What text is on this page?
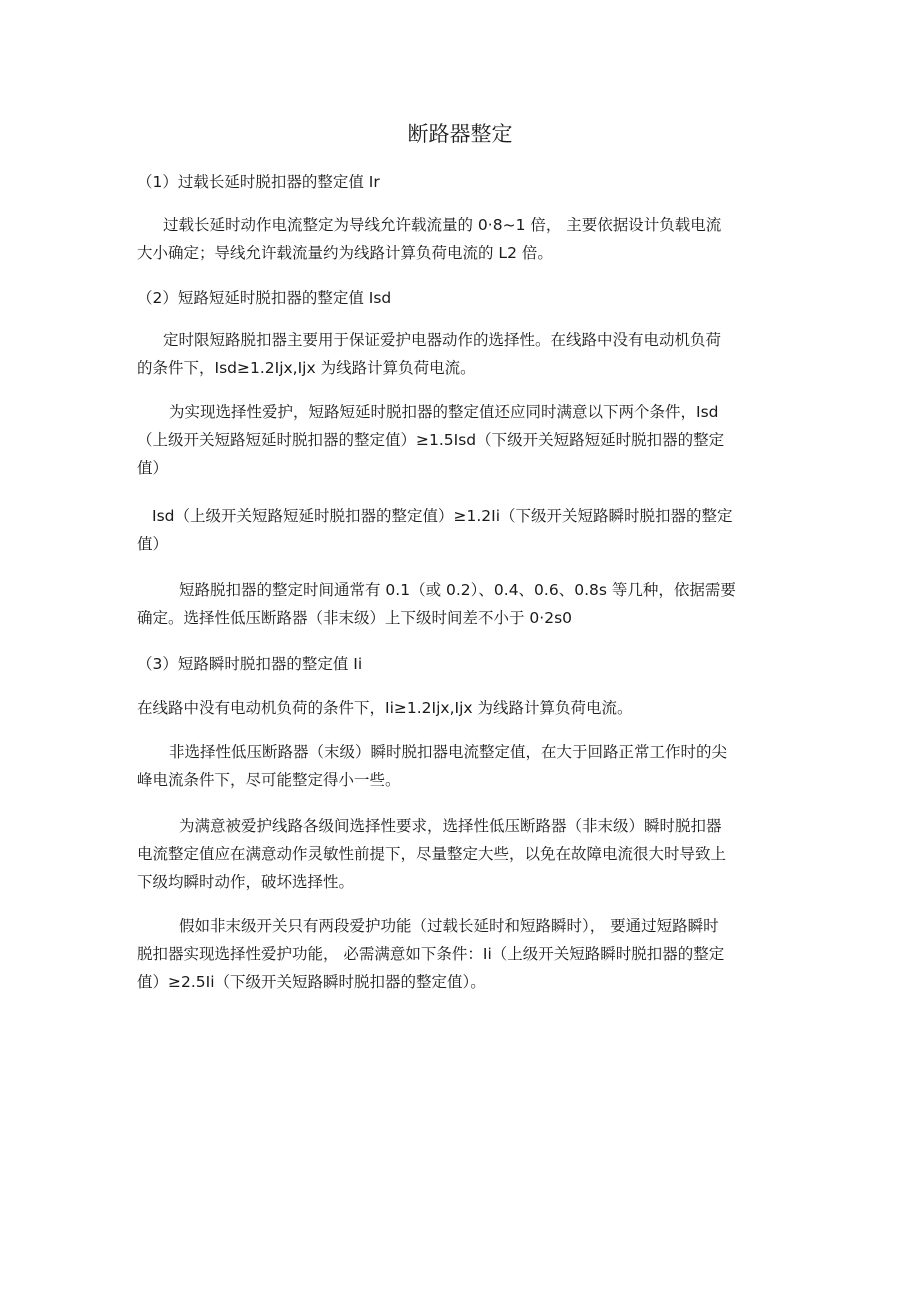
断路器整定
（1）过载长延时脱扣器的整定值 Ir
过载长延时动作电流整定为导线允许载流量的 0·8~1 倍， 主要依据设计负载电流
大小确定；导线允许载流量约为线路计算负荷电流的 L2 倍。
（2）短路短延时脱扣器的整定值 Isd
定时限短路脱扣器主要用于保证爱护电器动作的选择性。在线路中没有电动机负荷
的条件下，Isd≥1.2Ijx,Ijx 为线路计算负荷电流。
为实现选择性爱护，短路短延时脱扣器的整定值还应同时满意以下两个条件，Isd
（上级开关短路短延时脱扣器的整定值）≥1.5Isd（下级开关短路短延时脱扣器的整定
值）
Isd（上级开关短路短延时脱扣器的整定值）≥1.2Ii（下级开关短路瞬时脱扣器的整定
值）
短路脱扣器的整定时间通常有 0.1（或 0.2）、0.4、0.6、0.8s 等几种，依据需要
确定。选择性低压断路器（非末级）上下级时间差不小于 0·2s0
（3）短路瞬时脱扣器的整定值 Ii
在线路中没有电动机负荷的条件下，Ii≥1.2Ijx,Ijx 为线路计算负荷电流。
非选择性低压断路器（末级）瞬时脱扣器电流整定值，在大于回路正常工作时的尖
峰电流条件下，尽可能整定得小一些。
为满意被爱护线路各级间选择性要求，选择性低压断路器（非末级）瞬时脱扣器
电流整定值应在满意动作灵敏性前提下，尽量整定大些，以免在故障电流很大时导致上
下级均瞬时动作，破坏选择性。
假如非末级开关只有两段爱护功能（过载长延时和短路瞬时）， 要通过短路瞬时
脱扣器实现选择性爱护功能， 必需满意如下条件：Ii（上级开关短路瞬时脱扣器的整定
值）≥2.5Ii（下级开关短路瞬时脱扣器的整定值）。
